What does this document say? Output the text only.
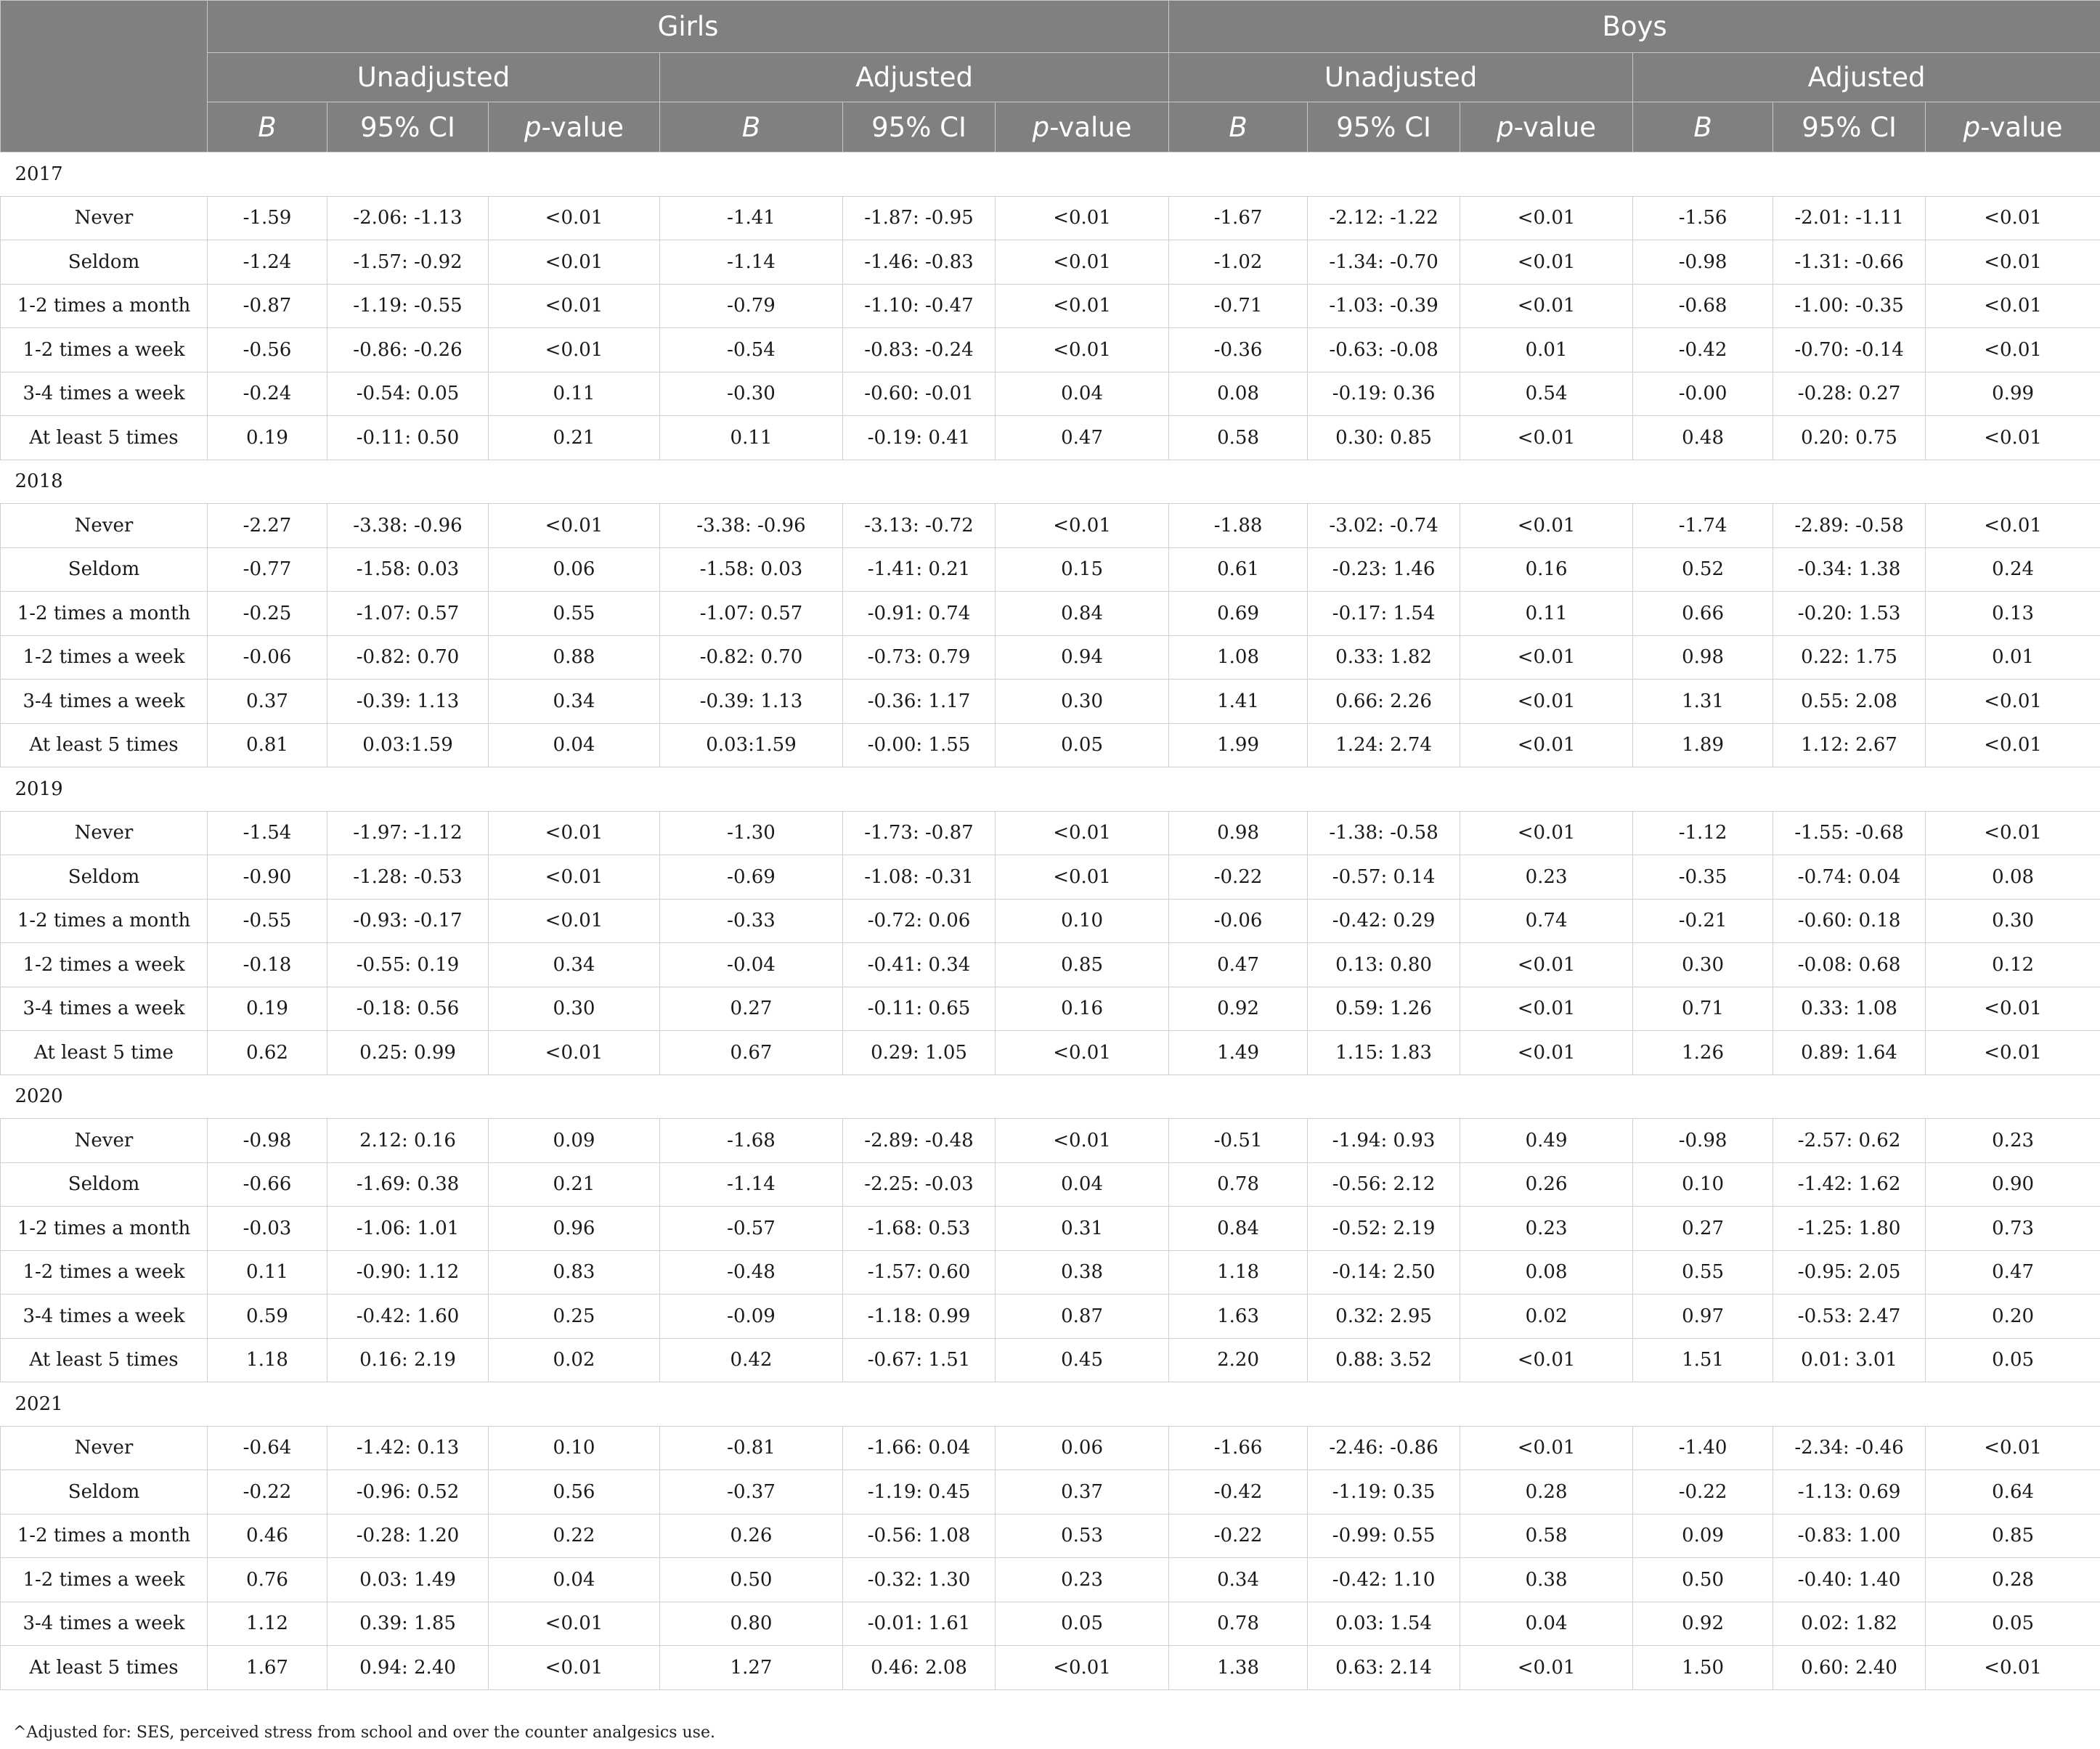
	Girls						Boys					
	Unadjusted			Adjusted			Unadjusted			Adjusted		
	B	95% CI	p-value	B	95% CI	p-value	B	95% CI	p-value	B	95% CI	p-value
2017												
Never	-1.59	-2.06: -1.13	<0.01	-1.41	-1.87: -0.95	<0.01	-1.67	-2.12: -1.22	<0.01	-1.56	-2.01: -1.11	<0.01
Seldom	-1.24	-1.57: -0.92	<0.01	-1.14	-1.46: -0.83	<0.01	-1.02	-1.34: -0.70	<0.01	-0.98	-1.31: -0.66	<0.01
1-2 times a month	-0.87	-1.19: -0.55	<0.01	-0.79	-1.10: -0.47	<0.01	-0.71	-1.03: -0.39	<0.01	-0.68	-1.00: -0.35	<0.01
1-2 times a week	-0.56	-0.86: -0.26	<0.01	-0.54	-0.83: -0.24	<0.01	-0.36	-0.63: -0.08	0.01	-0.42	-0.70: -0.14	<0.01
3-4 times a week	-0.24	-0.54: 0.05	0.11	-0.30	-0.60: -0.01	0.04	0.08	-0.19: 0.36	0.54	-0.00	-0.28: 0.27	0.99
At least 5 times	0.19	-0.11: 0.50	0.21	0.11	-0.19: 0.41	0.47	0.58	0.30: 0.85	<0.01	0.48	0.20: 0.75	<0.01
2018												
Never	-2.27	-3.38: -0.96	<0.01	-3.38: -0.96	-3.13: -0.72	<0.01	-1.88	-3.02: -0.74	<0.01	-1.74	-2.89: -0.58	<0.01
Seldom	-0.77	-1.58: 0.03	0.06	-1.58: 0.03	-1.41: 0.21	0.15	0.61	-0.23: 1.46	0.16	0.52	-0.34: 1.38	0.24
1-2 times a month	-0.25	-1.07: 0.57	0.55	-1.07: 0.57	-0.91: 0.74	0.84	0.69	-0.17: 1.54	0.11	0.66	-0.20: 1.53	0.13
1-2 times a week	-0.06	-0.82: 0.70	0.88	-0.82: 0.70	-0.73: 0.79	0.94	1.08	0.33: 1.82	<0.01	0.98	0.22: 1.75	0.01
3-4 times a week	0.37	-0.39: 1.13	0.34	-0.39: 1.13	-0.36: 1.17	0.30	1.41	0.66: 2.26	<0.01	1.31	0.55: 2.08	<0.01
At least 5 times	0.81	0.03:1.59	0.04	0.03:1.59	-0.00: 1.55	0.05	1.99	1.24: 2.74	<0.01	1.89	1.12: 2.67	<0.01
2019												
Never	-1.54	-1.97: -1.12	<0.01	-1.30	-1.73: -0.87	<0.01	0.98	-1.38: -0.58	<0.01	-1.12	-1.55: -0.68	<0.01
Seldom	-0.90	-1.28: -0.53	<0.01	-0.69	-1.08: -0.31	<0.01	-0.22	-0.57: 0.14	0.23	-0.35	-0.74: 0.04	0.08
1-2 times a month	-0.55	-0.93: -0.17	<0.01	-0.33	-0.72: 0.06	0.10	-0.06	-0.42: 0.29	0.74	-0.21	-0.60: 0.18	0.30
1-2 times a week	-0.18	-0.55: 0.19	0.34	-0.04	-0.41: 0.34	0.85	0.47	0.13: 0.80	<0.01	0.30	-0.08: 0.68	0.12
3-4 times a week	0.19	-0.18: 0.56	0.30	0.27	-0.11: 0.65	0.16	0.92	0.59: 1.26	<0.01	0.71	0.33: 1.08	<0.01
At least 5 time	0.62	0.25: 0.99	<0.01	0.67	0.29: 1.05	<0.01	1.49	1.15: 1.83	<0.01	1.26	0.89: 1.64	<0.01
2020												
Never	-0.98	2.12: 0.16	0.09	-1.68	-2.89: -0.48	<0.01	-0.51	-1.94: 0.93	0.49	-0.98	-2.57: 0.62	0.23
Seldom	-0.66	-1.69: 0.38	0.21	-1.14	-2.25: -0.03	0.04	0.78	-0.56: 2.12	0.26	0.10	-1.42: 1.62	0.90
1-2 times a month	-0.03	-1.06: 1.01	0.96	-0.57	-1.68: 0.53	0.31	0.84	-0.52: 2.19	0.23	0.27	-1.25: 1.80	0.73
1-2 times a week	0.11	-0.90: 1.12	0.83	-0.48	-1.57: 0.60	0.38	1.18	-0.14: 2.50	0.08	0.55	-0.95: 2.05	0.47
3-4 times a week	0.59	-0.42: 1.60	0.25	-0.09	-1.18: 0.99	0.87	1.63	0.32: 2.95	0.02	0.97	-0.53: 2.47	0.20
At least 5 times	1.18	0.16: 2.19	0.02	0.42	-0.67: 1.51	0.45	2.20	0.88: 3.52	<0.01	1.51	0.01: 3.01	0.05
2021												
Never	-0.64	-1.42: 0.13	0.10	-0.81	-1.66: 0.04	0.06	-1.66	-2.46: -0.86	<0.01	-1.40	-2.34: -0.46	<0.01
Seldom	-0.22	-0.96: 0.52	0.56	-0.37	-1.19: 0.45	0.37	-0.42	-1.19: 0.35	0.28	-0.22	-1.13: 0.69	0.64
1-2 times a month	0.46	-0.28: 1.20	0.22	0.26	-0.56: 1.08	0.53	-0.22	-0.99: 0.55	0.58	0.09	-0.83: 1.00	0.85
1-2 times a week	0.76	0.03: 1.49	0.04	0.50	-0.32: 1.30	0.23	0.34	-0.42: 1.10	0.38	0.50	-0.40: 1.40	0.28
3-4 times a week	1.12	0.39: 1.85	<0.01	0.80	-0.01: 1.61	0.05	0.78	0.03: 1.54	0.04	0.92	0.02: 1.82	0.05
At least 5 times	1.67	0.94: 2.40	<0.01	1.27	0.46: 2.08	<0.01	1.38	0.63: 2.14	<0.01	1.50	0.60: 2.40	<0.01
^Adjusted for: SES, perceived stress from school and over the counter analgesics use.
